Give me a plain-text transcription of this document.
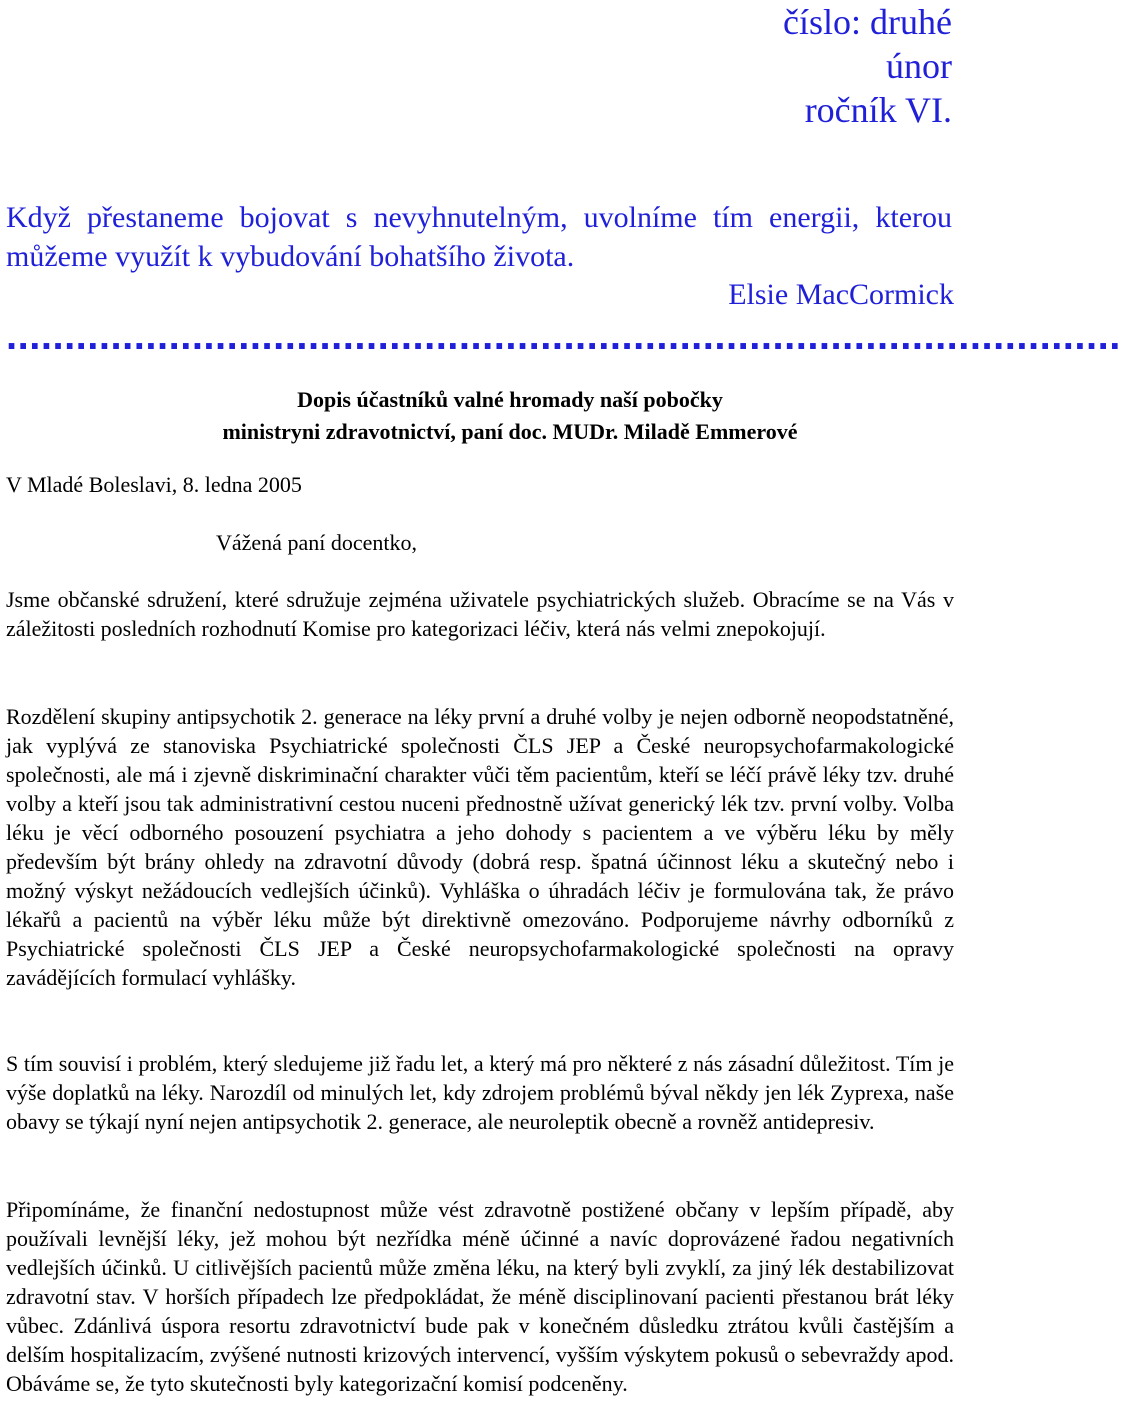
číslo: druhé
únor
ročník VI.
Když přestaneme bojovat s nevyhnutelným, uvolníme tím energii, kterou můžeme využít k vybudování bohatšího života.
Elsie MacCormick
................................................................................................
Dopis účastníků valné hromady naší pobočky
ministryni zdravotnictví, paní doc. MUDr. Miladě Emmerové
V Mladé Boleslavi, 8. ledna 2005
Vážená paní docentko,
Jsme občanské sdružení, které sdružuje zejména uživatele psychiatrických služeb. Obracíme se na Vás v záležitosti posledních rozhodnutí Komise pro kategorizaci léčiv, která nás velmi znepokojují.
Rozdělení skupiny antipsychotik 2. generace na léky první a druhé volby je nejen odborně neopodstatněné, jak vyplývá ze stanoviska Psychiatrické společnosti ČLS JEP a České neuropsychofarmakologické společnosti, ale má i zjevně diskriminační charakter vůči těm pacientům, kteří se léčí právě léky tzv. druhé volby a kteří jsou tak administrativní cestou nuceni přednostně užívat generický lék tzv. první volby. Volba léku je věcí odborného posouzení psychiatra a jeho dohody s pacientem a ve výběru léku by měly především být brány ohledy na zdravotní důvody (dobrá resp. špatná účinnost léku a skutečný nebo i možný výskyt nežádoucích vedlejších účinků). Vyhláška o úhradách léčiv je formulována tak, že právo lékařů a pacientů na výběr léku může být direktivně omezováno. Podporujeme návrhy odborníků z Psychiatrické společnosti ČLS JEP a České neuropsychofarmakologické společnosti na opravy zavádějících formulací vyhlášky.
S tím souvisí i problém, který sledujeme již řadu let, a který má pro některé z nás zásadní důležitost. Tím je výše doplatků na léky. Narozdíl od minulých let, kdy zdrojem problémů býval někdy jen lék Zyprexa, naše obavy se týkají nyní nejen antipsychotik 2. generace, ale neuroleptik obecně a rovněž antidepresiv.
Připomínáme, že finanční nedostupnost může vést zdravotně postižené občany v lepším případě, aby používali levnější léky, jež mohou být nezřídka méně účinné a navíc doprovázené řadou negativních vedlejších účinků. U citlivějších pacientů může změna léku, na který byli zvyklí, za jiný lék destabilizovat zdravotní stav. V horších případech lze předpokládat, že méně disciplinovaní pacienti přestanou brát léky vůbec. Zdánlivá úspora resortu zdravotnictví bude pak v konečném důsledku ztrátou kvůli častějším a delším hospitalizacím, zvýšené nutnosti krizových intervencí, vyšším výskytem pokusů o sebevraždy apod. Obáváme se, že tyto skutečnosti byly kategorizační komisí podceněny.
